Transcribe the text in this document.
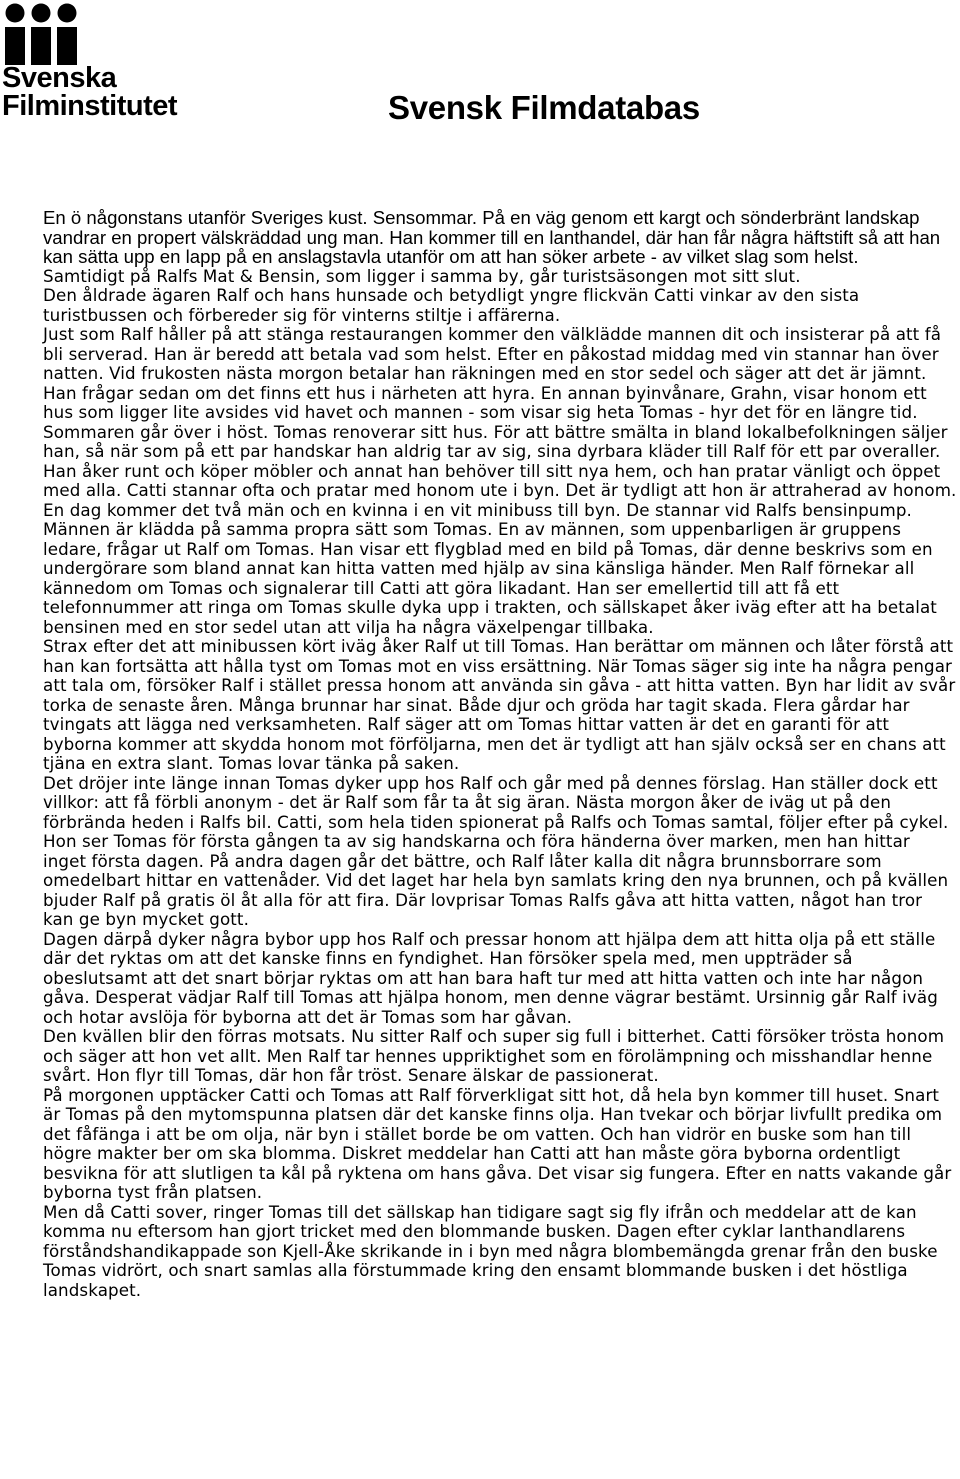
Svenska
Filminstitutet	Svensk Filmdatabas

En ö någonstans utanför Sveriges kust. Sensommar. På en väg genom ett kargt och sönderbränt landskap vandrar en propert välskräddad ung man. Han kommer till en lanthandel, där han får några häftstift så att han kan sätta upp en lapp på en anslagstavla utanför om att han söker arbete - av vilket slag som helst.

Samtidigt på Ralfs Mat & Bensin, som ligger i samma by, går turistsäsongen mot sitt slut.

Den åldrade ägaren Ralf och hans hunsade och betydligt yngre flickvän Catti vinkar av den sista turistbussen och förbereder sig för vinterns stiltje i affärerna.

Just som Ralf håller på att stänga restaurangen kommer den välklädde mannen dit och insisterar på att få bli serverad. Han är beredd att betala vad som helst. Efter en påkostad middag med vin stannar han över natten. Vid frukosten nästa morgon betalar han räkningen med en stor sedel och säger att det är jämnt. Han frågar sedan om det finns ett hus i närheten att hyra. En annan byinvånare, Grahn, visar honom ett hus som ligger lite avsides vid havet och mannen - som visar sig heta Tomas - hyr det för en längre tid.

Sommaren går över i höst. Tomas renoverar sitt hus. För att bättre smälta in bland lokalbefolkningen säljer han, så när som på ett par handskar han aldrig tar av sig, sina dyrbara kläder till Ralf för ett par overaller. Han åker runt och köper möbler och annat han behöver till sitt nya hem, och han pratar vänligt och öppet med alla. Catti stannar ofta och pratar med honom ute i byn. Det är tydligt att hon är attraherad av honom.

En dag kommer det två män och en kvinna i en vit minibuss till byn. De stannar vid Ralfs bensinpump. Männen är klädda på samma propra sätt som Tomas. En av männen, som uppenbarligen är gruppens ledare, frågar ut Ralf om Tomas. Han visar ett flygblad med en bild på Tomas, där denne beskrivs som en undergörare som bland annat kan hitta vatten med hjälp av sina känsliga händer. Men Ralf förnekar all kännedom om Tomas och signalerar till Catti att göra likadant. Han ser emellertid till att få ett telefonnummer att ringa om Tomas skulle dyka upp i trakten, och sällskapet åker iväg efter att ha betalat bensinen med en stor sedel utan att vilja ha några växelpengar tillbaka.

Strax efter det att minibussen kört iväg åker Ralf ut till Tomas. Han berättar om männen och låter förstå att han kan fortsätta att hålla tyst om Tomas mot en viss ersättning. När Tomas säger sig inte ha några pengar att tala om, försöker Ralf i stället pressa honom att använda sin gåva - att hitta vatten. Byn har lidit av svår torka de senaste åren. Många brunnar har sinat. Både djur och gröda har tagit skada. Flera gårdar har tvingats att lägga ned verksamheten. Ralf säger att om Tomas hittar vatten är det en garanti för att byborna kommer att skydda honom mot förföljarna, men det är tydligt att han själv också ser en chans att tjäna en extra slant. Tomas lovar tänka på saken.

Det dröjer inte länge innan Tomas dyker upp hos Ralf och går med på dennes förslag. Han ställer dock ett villkor: att få förbli anonym - det är Ralf som får ta åt sig äran. Nästa morgon åker de iväg ut på den förbrända heden i Ralfs bil. Catti, som hela tiden spionerat på Ralfs och Tomas samtal, följer efter på cykel. Hon ser Tomas för första gången ta av sig handskarna och föra händerna över marken, men han hittar inget första dagen. På andra dagen går det bättre, och Ralf låter kalla dit några brunnsborrare som omedelbart hittar en vattenåder. Vid det laget har hela byn samlats kring den nya brunnen, och på kvällen bjuder Ralf på gratis öl åt alla för att fira. Där lovprisar Tomas Ralfs gåva att hitta vatten, något han tror kan ge byn mycket gott.

Dagen därpå dyker några bybor upp hos Ralf och pressar honom att hjälpa dem att hitta olja på ett ställe där det ryktas om att det kanske finns en fyndighet. Han försöker spela med, men uppträder så obeslutsamt att det snart börjar ryktas om att han bara haft tur med att hitta vatten och inte har någon gåva. Desperat vädjar Ralf till Tomas att hjälpa honom, men denne vägrar bestämt. Ursinnig går Ralf iväg och hotar avslöja för byborna att det är Tomas som har gåvan.

Den kvällen blir den förras motsats. Nu sitter Ralf och super sig full i bitterhet. Catti försöker trösta honom och säger att hon vet allt. Men Ralf tar hennes uppriktighet som en förolämpning och misshandlar henne svårt. Hon flyr till Tomas, där hon får tröst. Senare älskar de passionerat.

På morgonen upptäcker Catti och Tomas att Ralf förverkligat sitt hot, då hela byn kommer till huset. Snart är Tomas på den mytomspunna platsen där det kanske finns olja. Han tvekar och börjar livfullt predika om det fåfänga i att be om olja, när byn i stället borde be om vatten. Och han vidrör en buske som han till högre makter ber om ska blomma. Diskret meddelar han Catti att han måste göra byborna ordentligt besvikna för att slutligen ta kål på ryktena om hans gåva. Det visar sig fungera. Efter en natts vakande går byborna tyst från platsen.

Men då Catti sover, ringer Tomas till det sällskap han tidigare sagt sig fly ifrån och meddelar att de kan komma nu eftersom han gjort tricket med den blommande busken. Dagen efter cyklar lanthandlarens förståndshandikappade son Kjell-Åke skrikande in i byn med några blombemängda grenar från den buske Tomas vidrört, och snart samlas alla förstummade kring den ensamt blommande busken i det höstliga landskapet.
